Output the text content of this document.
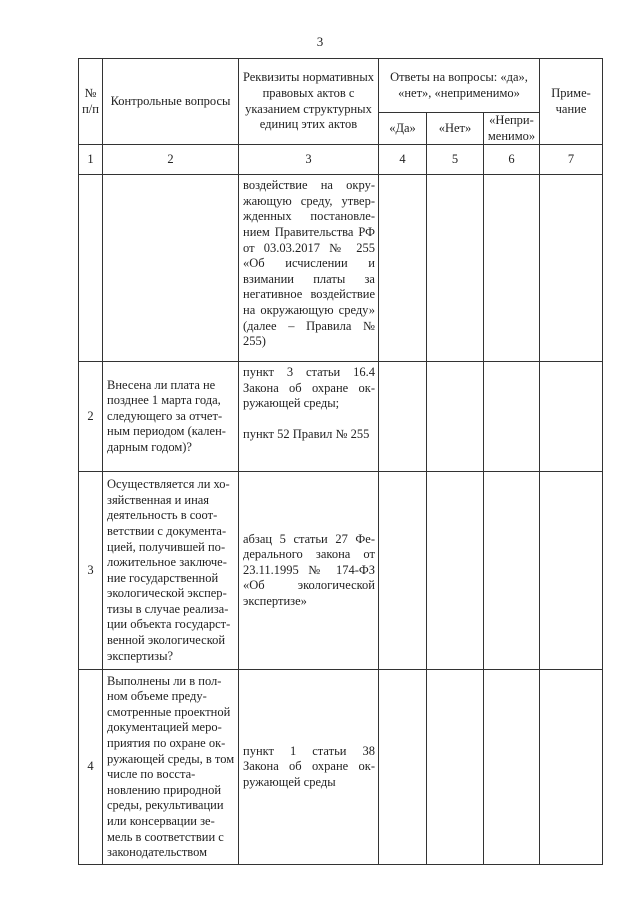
3
№ п/п	Контрольные вопросы	Реквизиты нормативных правовых актов с указанием структурных единиц этих актов	Ответы на вопросы: «да», «нет», «неприменимо»			Примечание
			«Да»	«Нет»	«Неприменимо»	
1	2	3	4	5	6	7

		воздействие на окружающую среду, утвержденных постановлением Правительства РФ от 03.03.2017 № 255 «Об исчислении и взимании платы за негативное воздействие на окружающую среду» (далее – Правила № 255)				

2	Внесена ли плата не позднее 1 марта года, следующего за отчетным периодом (календарным годом)?	пункт 3 статьи 16.4 Закона об охране окружающей среды;

пункт 52 Правил № 255				

3	Осуществляется ли хозяйственная и иная деятельность в соответствии с документацией, получившей положительное заключение государственной экологической экспертизы в случае реализации объекта государственной экологической экспертизы?	абзац 5 статьи 27 Федерального закона от 23.11.1995 № 174-ФЗ «Об экологической экспертизе»				

4	Выполнены ли в полном объеме предусмотренные проектной документацией мероприятия по охране окружающей среды, в том числе по восстановлению природной среды, рекультивации или консервации земель в соответствии с законодательством	пункт 1 статьи 38 Закона об охране окружающей среды				
